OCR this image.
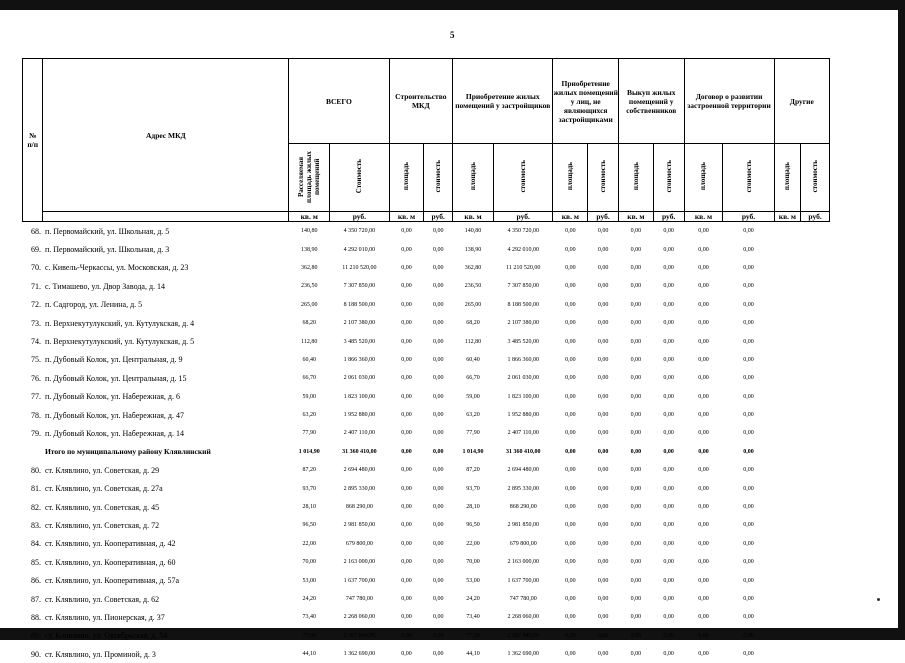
5
№
п/п	Адрес МКД	ВСЕГО		Строительство МКД		Приобретение жилых помещений у застройщиков		Приобретение жилых помещений у лиц, не являющихся застройщиками		Выкуп жилых помещений у собственников		Договор о развитии застроенной территории		Другие	
		Расселяемая площадь жилых помещений	Стоимость	площадь	стоимость	площадь	стоимость	площадь	стоимость	площадь	стоимость	площадь	стоимость	площадь	стоимость
		кв. м	руб.	кв. м	руб.	кв. м	руб.	кв. м	руб.	кв. м	руб.	кв. м	руб.	кв. м	руб.
68.	п. Первомайский, ул. Школьная, д. 5	140,80	4 350 720,00	0,00	0,00	140,80	4 350 720,00	0,00	0,00	0,00	0,00	0,00	0,00		
69.	п. Первомайский, ул. Школьная, д. 3	138,90	4 292 010,00	0,00	0,00	138,90	4 292 010,00	0,00	0,00	0,00	0,00	0,00	0,00		
70.	с. Кивель-Черкассы, ул. Московская, д. 23	362,80	11 210 520,00	0,00	0,00	362,80	11 210 520,00	0,00	0,00	0,00	0,00	0,00	0,00		
71.	с. Тимашево, ул. Двор Завода, д. 14	236,50	7 307 850,00	0,00	0,00	236,50	7 307 850,00	0,00	0,00	0,00	0,00	0,00	0,00		
72.	п. Садгород, ул. Ленина, д. 5	265,00	8 188 500,00	0,00	0,00	265,00	8 188 500,00	0,00	0,00	0,00	0,00	0,00	0,00		
73.	п. Верхнекутулукский, ул. Кутулукская, д. 4	68,20	2 107 380,00	0,00	0,00	68,20	2 107 380,00	0,00	0,00	0,00	0,00	0,00	0,00		
74.	п. Верхнекутулукский, ул. Кутулукская, д. 5	112,80	3 485 520,00	0,00	0,00	112,80	3 485 520,00	0,00	0,00	0,00	0,00	0,00	0,00		
75.	п. Дубовый Колок, ул. Центральная, д. 9	60,40	1 866 360,00	0,00	0,00	60,40	1 866 360,00	0,00	0,00	0,00	0,00	0,00	0,00		
76.	п. Дубовый Колок, ул. Центральная, д. 15	66,70	2 061 030,00	0,00	0,00	66,70	2 061 030,00	0,00	0,00	0,00	0,00	0,00	0,00		
77.	п. Дубовый Колок, ул. Набережная, д. 6	59,00	1 823 100,00	0,00	0,00	59,00	1 823 100,00	0,00	0,00	0,00	0,00	0,00	0,00		
78.	п. Дубовый Колок, ул. Набережная, д. 47	63,20	1 952 880,00	0,00	0,00	63,20	1 952 880,00	0,00	0,00	0,00	0,00	0,00	0,00		
79.	п. Дубовый Колок, ул. Набережная, д. 14	77,90	2 407 110,00	0,00	0,00	77,90	2 407 110,00	0,00	0,00	0,00	0,00	0,00	0,00		
	Итого по муниципальному району Клявлинский	1 014,90	31 360 410,00	0,00	0,00	1 014,90	31 360 410,00	0,00	0,00	0,00	0,00	0,00	0,00		
80.	ст. Клявлино, ул. Советская, д. 29	87,20	2 694 480,00	0,00	0,00	87,20	2 694 480,00	0,00	0,00	0,00	0,00	0,00	0,00		
81.	ст. Клявлино, ул. Советская, д. 27а	93,70	2 895 330,00	0,00	0,00	93,70	2 895 330,00	0,00	0,00	0,00	0,00	0,00	0,00		
82.	ст. Клявлино, ул. Советская, д. 45	28,10	868 290,00	0,00	0,00	28,10	868 290,00	0,00	0,00	0,00	0,00	0,00	0,00		
83.	ст. Клявлино, ул. Советская, д. 72	96,50	2 981 850,00	0,00	0,00	96,50	2 981 850,00	0,00	0,00	0,00	0,00	0,00	0,00		
84.	ст. Клявлино, ул. Кооперативная, д. 42	22,00	679 800,00	0,00	0,00	22,00	679 800,00	0,00	0,00	0,00	0,00	0,00	0,00		
85.	ст. Клявлино, ул. Кооперативная, д. 60	70,00	2 163 000,00	0,00	0,00	70,00	2 163 000,00	0,00	0,00	0,00	0,00	0,00	0,00		
86.	ст. Клявлино, ул. Кооперативная, д. 57а	53,00	1 637 700,00	0,00	0,00	53,00	1 637 700,00	0,00	0,00	0,00	0,00	0,00	0,00		
87.	ст. Клявлино, ул. Советская, д. 62	24,20	747 780,00	0,00	0,00	24,20	747 780,00	0,00	0,00	0,00	0,00	0,00	0,00		
88.	ст. Клявлино, ул. Пионерская, д. 37	73,40	2 268 060,00	0,00	0,00	73,40	2 268 060,00	0,00	0,00	0,00	0,00	0,00	0,00		
89.	ст. Клявлино, ул. Октябрьская, д. 54	77,60	2 397 840,00	0,00	0,00	77,60	2 397 840,00	0,00	0,00	0,00	0,00	0,00	0,00		
90.	ст. Клявлино, ул. Проминой, д. 3	44,10	1 362 690,00	0,00	0,00	44,10	1 362 690,00	0,00	0,00	0,00	0,00	0,00	0,00		
